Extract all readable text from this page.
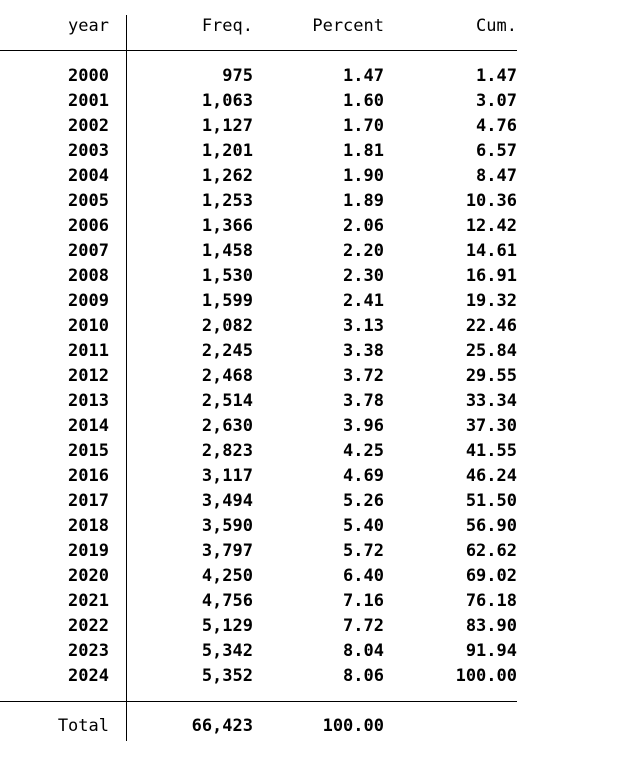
year	Freq.	Percent	Cum.
2000	975	1.47	1.47
2001	1,063	1.60	3.07
2002	1,127	1.70	4.76
2003	1,201	1.81	6.57
2004	1,262	1.90	8.47
2005	1,253	1.89	10.36
2006	1,366	2.06	12.42
2007	1,458	2.20	14.61
2008	1,530	2.30	16.91
2009	1,599	2.41	19.32
2010	2,082	3.13	22.46
2011	2,245	3.38	25.84
2012	2,468	3.72	29.55
2013	2,514	3.78	33.34
2014	2,630	3.96	37.30
2015	2,823	4.25	41.55
2016	3,117	4.69	46.24
2017	3,494	5.26	51.50
2018	3,590	5.40	56.90
2019	3,797	5.72	62.62
2020	4,250	6.40	69.02
2021	4,756	7.16	76.18
2022	5,129	7.72	83.90
2023	5,342	8.04	91.94
2024	5,352	8.06	100.00
Total	66,423	100.00
